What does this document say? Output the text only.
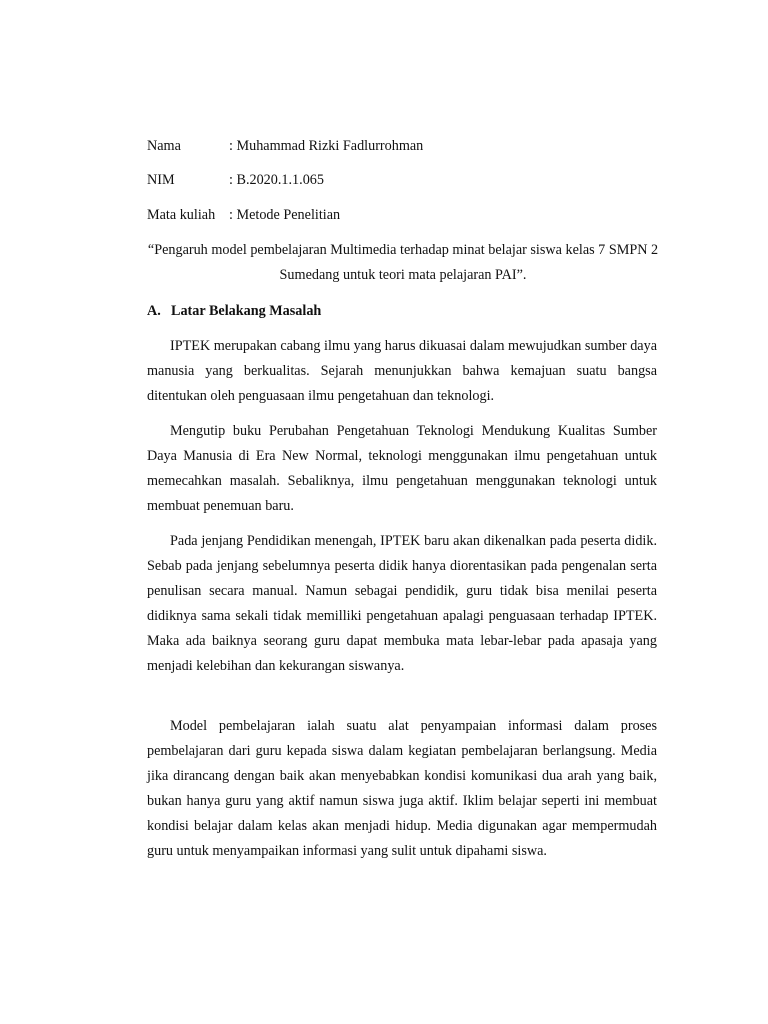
Nama	: Muhammad Rizki Fadlurrohman
NIM	: B.2020.1.1.065
Mata kuliah : Metode Penelitian
“Pengaruh model pembelajaran Multimedia terhadap minat belajar siswa kelas 7 SMPN 2 Sumedang untuk teori mata pelajaran PAI”.
A. Latar Belakang Masalah

IPTEK merupakan cabang ilmu yang harus dikuasai dalam mewujudkan sumber daya manusia yang berkualitas. Sejarah menunjukkan bahwa kemajuan suatu bangsa ditentukan oleh penguasaan ilmu pengetahuan dan teknologi.

Mengutip buku Perubahan Pengetahuan Teknologi Mendukung Kualitas Sumber Daya Manusia di Era New Normal, teknologi menggunakan ilmu pengetahuan untuk memecahkan masalah. Sebaliknya, ilmu pengetahuan menggunakan teknologi untuk membuat penemuan baru.

Pada jenjang Pendidikan menengah, IPTEK baru akan dikenalkan pada peserta didik. Sebab pada jenjang sebelumnya peserta didik hanya diorentasikan pada pengenalan serta penulisan secara manual. Namun sebagai pendidik, guru tidak bisa menilai peserta didiknya sama sekali tidak memilliki pengetahuan apalagi penguasaan terhadap IPTEK. Maka ada baiknya seorang guru dapat membuka mata lebar-lebar pada apasaja yang menjadi kelebihan dan kekurangan siswanya.

Model pembelajaran ialah suatu alat penyampaian informasi dalam proses pembelajaran dari guru kepada siswa dalam kegiatan pembelajaran berlangsung. Media jika dirancang dengan baik akan menyebabkan kondisi komunikasi dua arah yang baik, bukan hanya guru yang aktif namun siswa juga aktif. Iklim belajar seperti ini membuat kondisi belajar dalam kelas akan menjadi hidup. Media digunakan agar mempermudah guru untuk menyampaikan informasi yang sulit untuk dipahami siswa.
